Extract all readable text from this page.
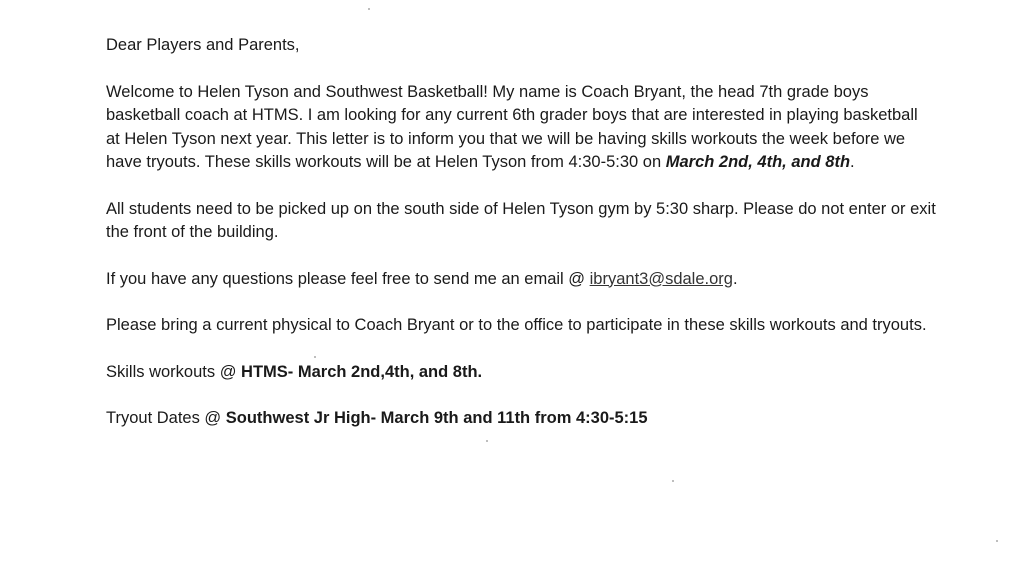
Dear Players and Parents,

Welcome to Helen Tyson and Southwest Basketball! My name is Coach Bryant, the head 7th grade boys basketball coach at HTMS. I am looking for any current 6th grader boys that are interested in playing basketball at Helen Tyson next year. This letter is to inform you that we will be having skills workouts the week before we have tryouts. These skills workouts will be at Helen Tyson from 4:30-5:30 on March 2nd, 4th, and 8th.

All students need to be picked up on the south side of Helen Tyson gym by 5:30 sharp. Please do not enter or exit the front of the building.

If you have any questions please feel free to send me an email @ ibryant3@sdale.org.

Please bring a current physical to Coach Bryant or to the office to participate in these skills workouts and tryouts.

Skills workouts @ HTMS- March 2nd,4th, and 8th.

Tryout Dates @ Southwest Jr High- March 9th and 11th from 4:30-5:15
